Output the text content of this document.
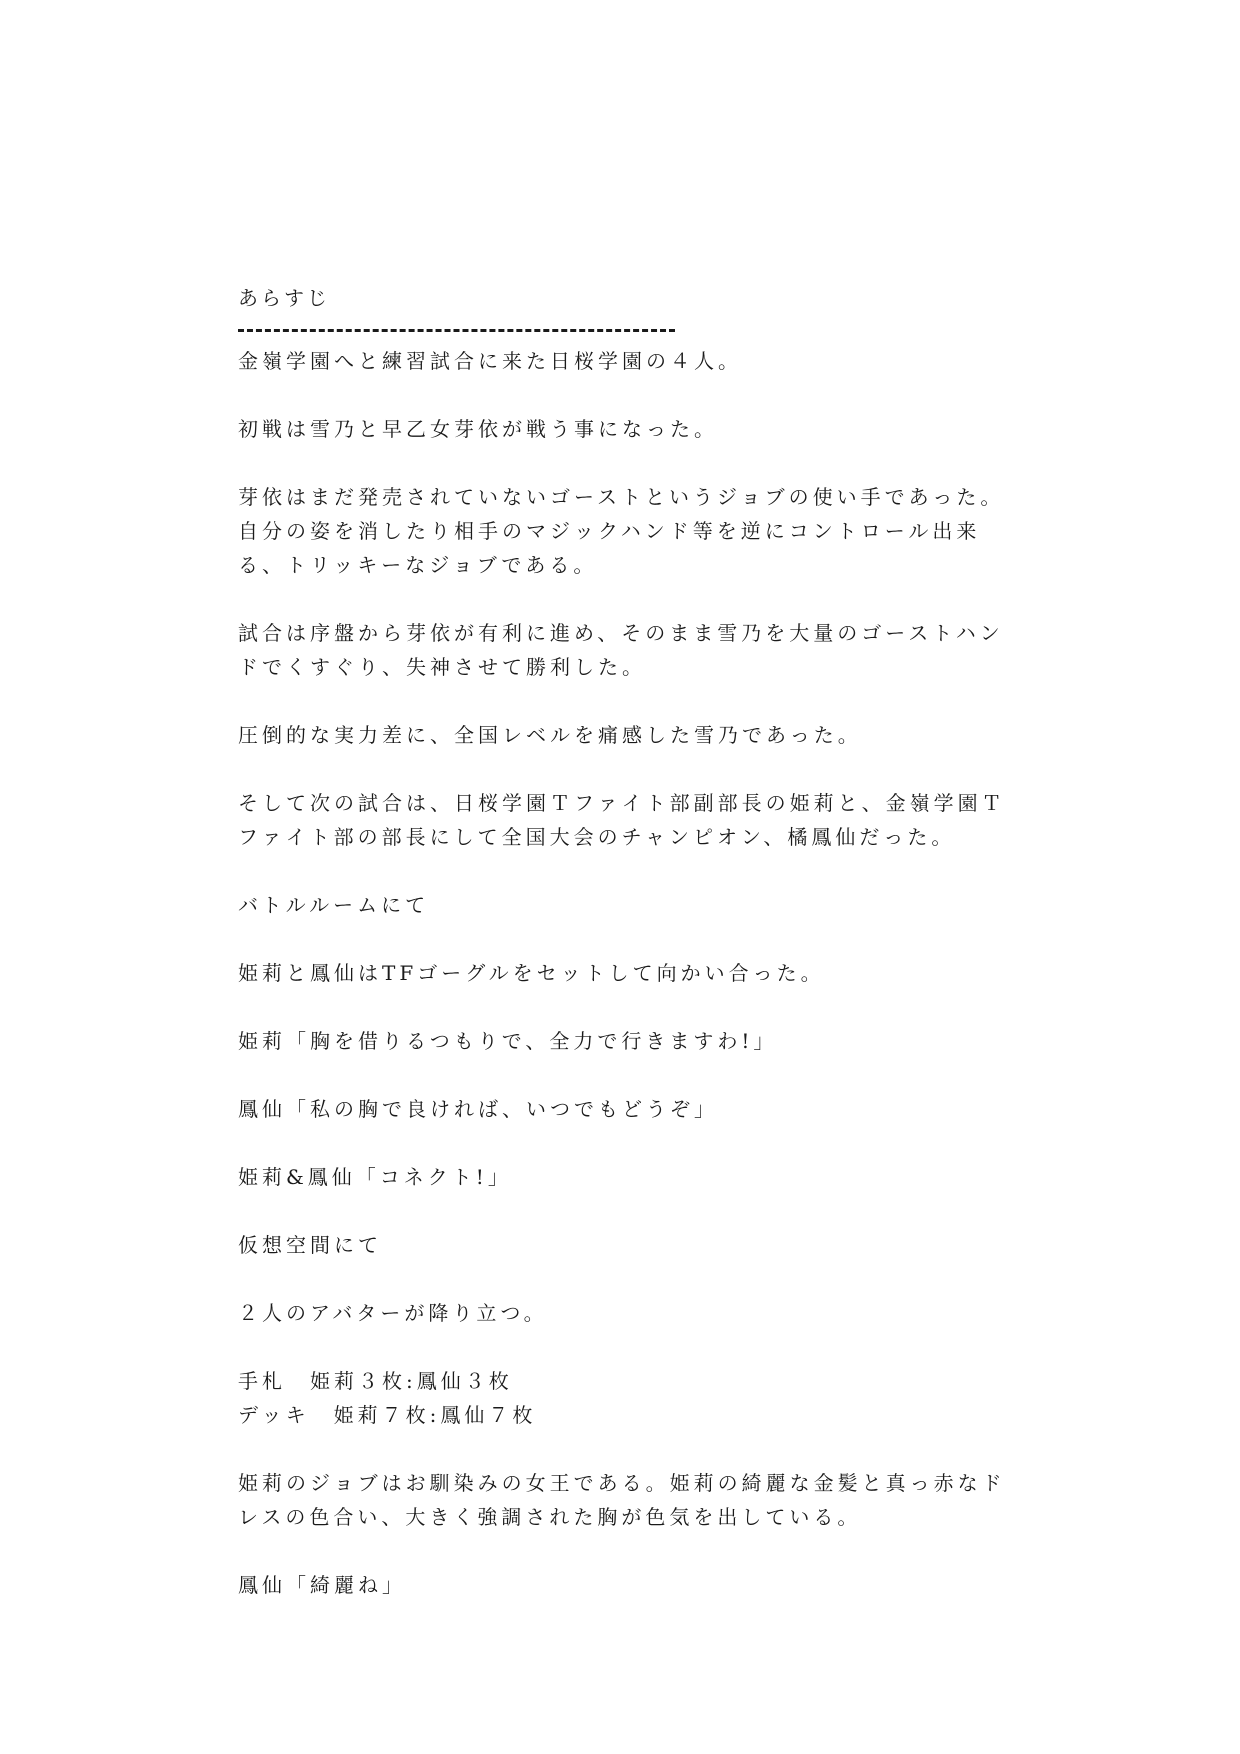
あらすじ

金嶺学園へと練習試合に来た日桜学園の４人。

初戦は雪乃と早乙女芽依が戦う事になった。

芽依はまだ発売されていないゴーストというジョブの使い手であった。自分の姿を消したり相手のマジックハンド等を逆にコントロール出来る、トリッキーなジョブである。

試合は序盤から芽依が有利に進め、そのまま雪乃を大量のゴーストハンドでくすぐり、失神させて勝利した。

圧倒的な実力差に、全国レベルを痛感した雪乃であった。

そして次の試合は、日桜学園Ｔファイト部副部長の姫莉と、金嶺学園Ｔファイト部の部長にして全国大会のチャンピオン、橘鳳仙だった。

バトルルームにて

姫莉と鳳仙はTFゴーグルをセットして向かい合った。

姫莉「胸を借りるつもりで、全力で行きますわ!」

鳳仙「私の胸で良ければ、いつでもどうぞ」

姫莉&鳳仙「コネクト!」

仮想空間にて

２人のアバターが降り立つ。

手札　姫莉３枚:鳳仙３枚

デッキ　姫莉７枚:鳳仙７枚

姫莉のジョブはお馴染みの女王である。姫莉の綺麗な金髪と真っ赤なドレスの色合い、大きく強調された胸が色気を出している。

鳳仙「綺麗ね」
